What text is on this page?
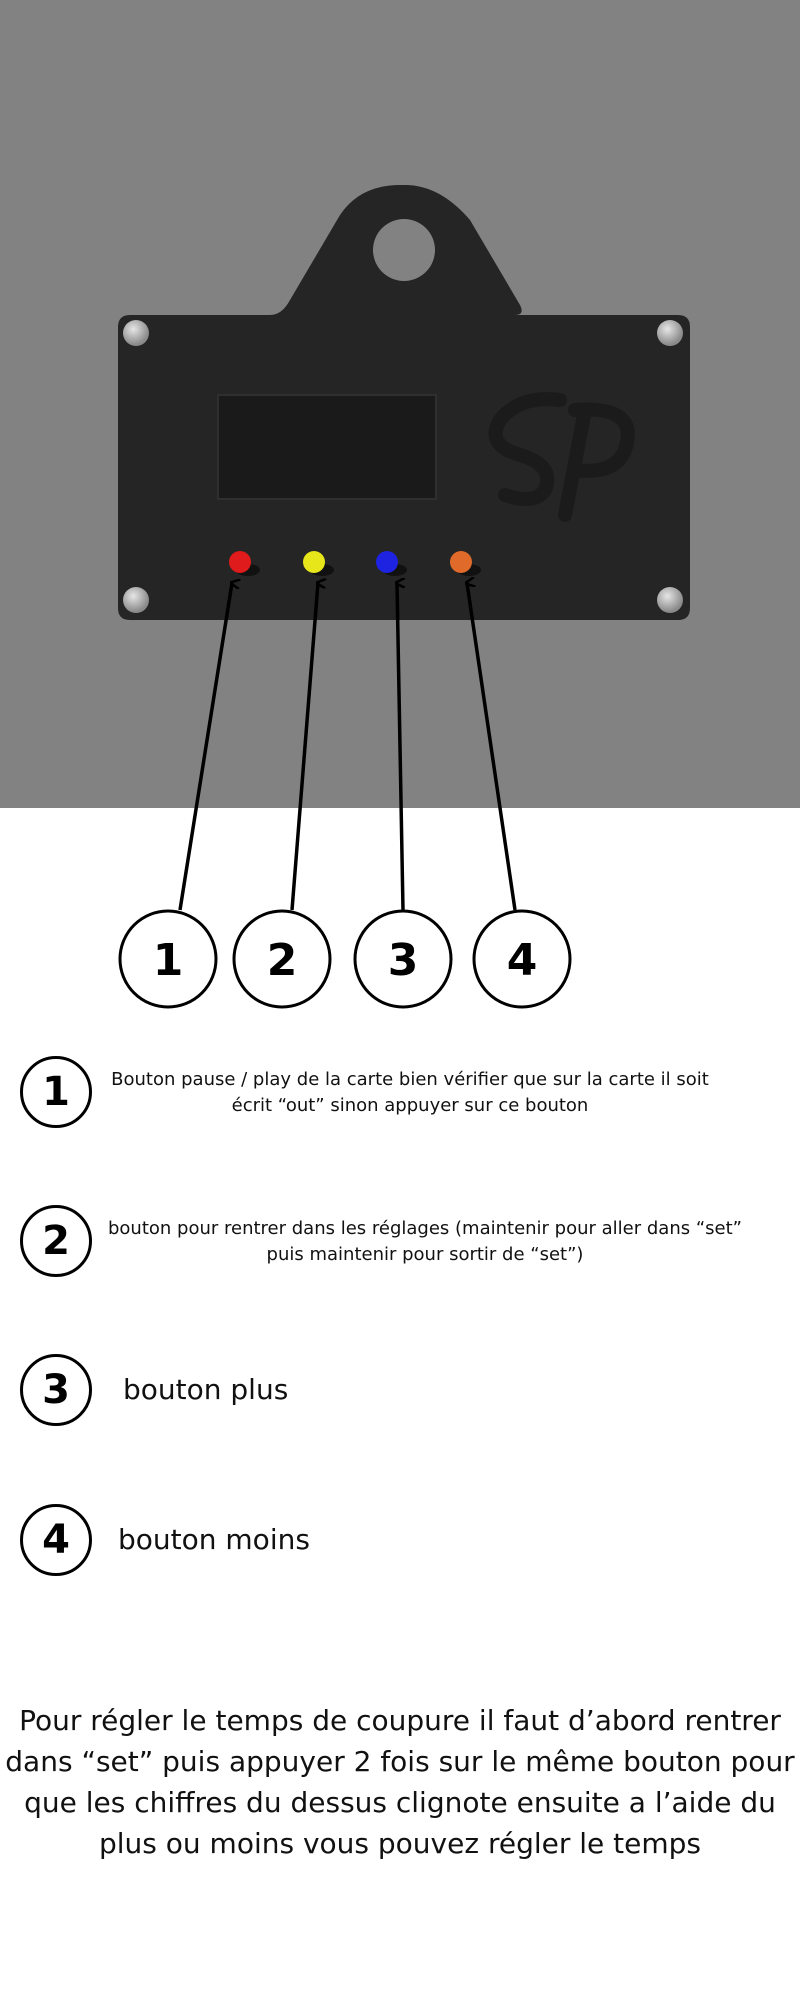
1 2 3 4
1	Bouton pause / play de la carte bien vérifier que sur la carte il soit écrit “out” sinon appuyer sur ce bouton
2	bouton pour rentrer dans les réglages (maintenir pour aller dans “set” puis maintenir pour sortir de “set”)
3	bouton plus
4	bouton moins
Pour régler le temps de coupure il faut d’abord rentrer dans “set” puis appuyer 2 fois sur le même bouton pour que les chiffres du dessus clignote ensuite a l’aide du plus ou moins vous pouvez régler le temps
